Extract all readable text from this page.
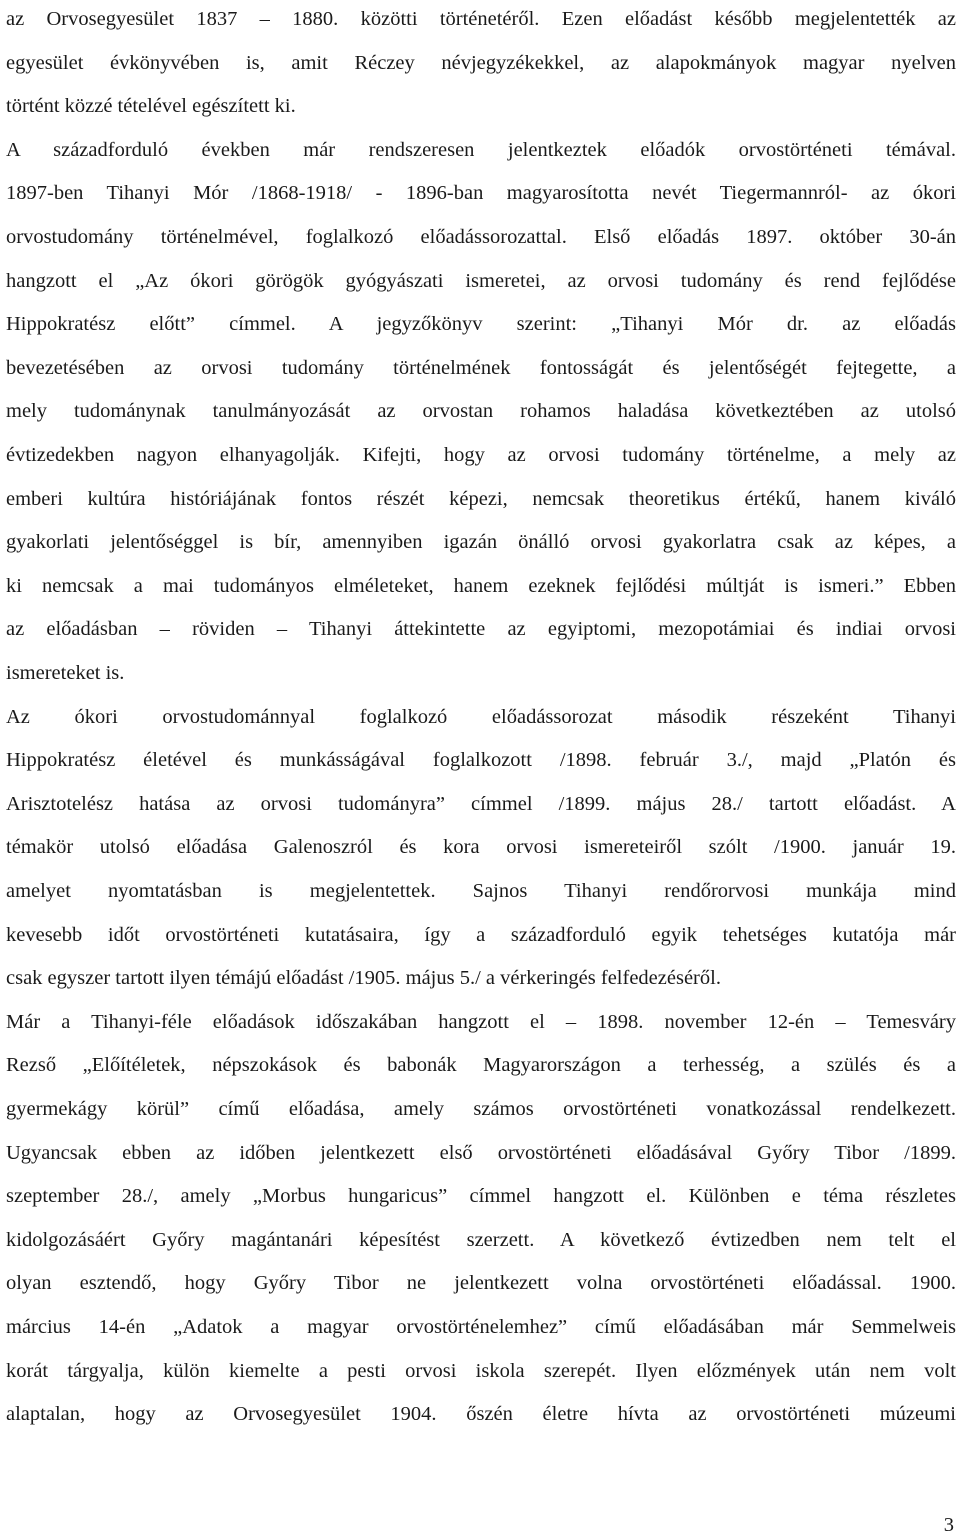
az Orvosegyesület 1837 – 1880. közötti történetéről. Ezen előadást később megjelentették az
egyesület évkönyvében is, amit Réczey névjegyzékekkel, az alapokmányok magyar nyelven
történt közzé tételével egészített ki.
A századforduló években már rendszeresen jelentkeztek előadók orvostörténeti témával.
1897-ben Tihanyi Mór /1868-1918/ - 1896-ban magyarosította nevét Tiegermannról- az ókori
orvostudomány történelmével, foglalkozó előadássorozattal. Első előadás 1897. október 30-án
hangzott el „Az ókori görögök gyógyászati ismeretei, az orvosi tudomány és rend fejlődése
Hippokratész előtt” címmel. A jegyzőkönyv szerint: „Tihanyi Mór dr. az előadás
bevezetésében az orvosi tudomány történelmének fontosságát és jelentőségét fejtegette, a
mely tudománynak tanulmányozását az orvostan rohamos haladása következtében az utolsó
évtizedekben nagyon elhanyagolják. Kifejti, hogy az orvosi tudomány történelme, a mely az
emberi kultúra históriájának fontos részét képezi, nemcsak theoretikus értékű, hanem kiváló
gyakorlati jelentőséggel is bír, amennyiben igazán önálló orvosi gyakorlatra csak az képes, a
ki nemcsak a mai tudományos elméleteket, hanem ezeknek fejlődési múltját is ismeri.” Ebben
az előadásban – röviden – Tihanyi áttekintette az egyiptomi, mezopotámiai és indiai orvosi
ismereteket is.
Az ókori orvostudománnyal foglalkozó előadássorozat második részeként Tihanyi
Hippokratész életével és munkásságával foglalkozott /1898. február 3./, majd „Platón és
Arisztotelész hatása az orvosi tudományra” címmel /1899. május 28./ tartott előadást. A
témakör utolsó előadása Galenoszról és kora orvosi ismereteiről szólt /1900. január 19.
amelyet nyomtatásban is megjelentettek. Sajnos Tihanyi rendőrorvosi munkája mind
kevesebb időt orvostörténeti kutatásaira, így a századforduló egyik tehetséges kutatója már
csak egyszer tartott ilyen témájú előadást /1905. május 5./ a vérkeringés felfedezéséről.
Már a Tihanyi-féle előadások időszakában hangzott el – 1898. november 12-én – Temesváry
Rezső „Előítéletek, népszokások és babonák Magyarországon a terhesség, a szülés és a
gyermekágy körül” című előadása, amely számos orvostörténeti vonatkozással rendelkezett.
Ugyancsak ebben az időben jelentkezett első orvostörténeti előadásával Győry Tibor /1899.
szeptember 28./, amely „Morbus hungaricus” címmel hangzott el. Különben e téma részletes
kidolgozásáért Győry magántanári képesítést szerzett. A következő évtizedben nem telt el
olyan esztendő, hogy Győry Tibor ne jelentkezett volna orvostörténeti előadással. 1900.
március 14-én „Adatok a magyar orvostörténelemhez” című előadásában már Semmelweis
korát tárgyalja, külön kiemelte a pesti orvosi iskola szerepét. Ilyen előzmények után nem volt
alaptalan, hogy az Orvosegyesület 1904. őszén életre hívta az orvostörténeti múzeumi
3
